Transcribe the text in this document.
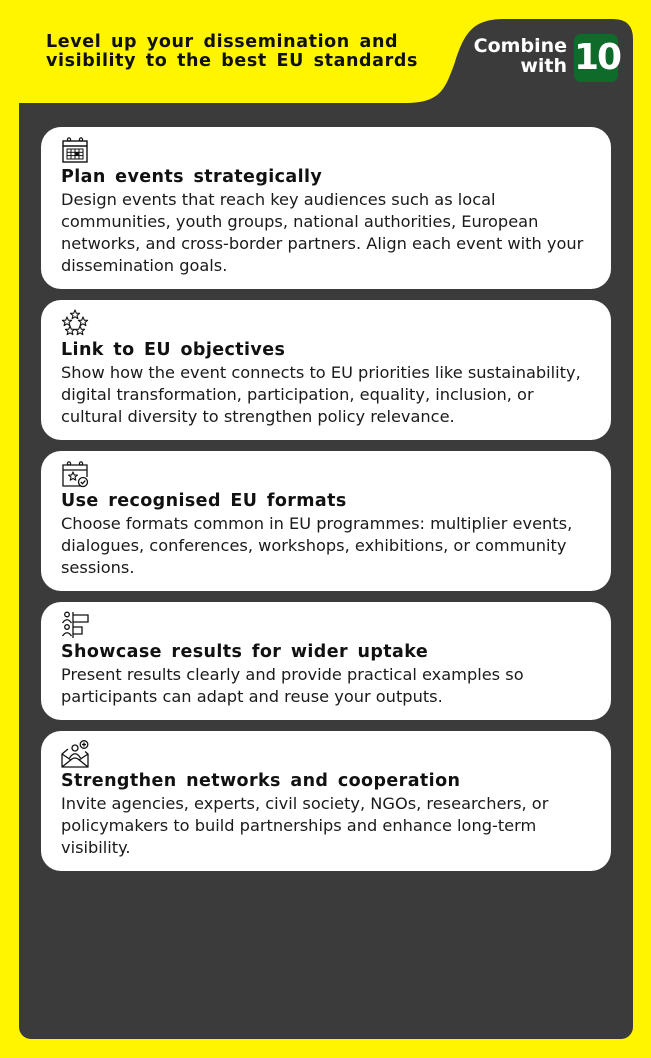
Level up your dissemination and visibility to the best EU standards
Combine with 10
Plan events strategically
Design events that reach key audiences such as local communities, youth groups, national authorities, European networks, and cross-border partners. Align each event with your dissemination goals.
Link to EU objectives
Show how the event connects to EU priorities like sustainability, digital transformation, participation, equality, inclusion, or cultural diversity to strengthen policy relevance.
Use recognised EU formats
Choose formats common in EU programmes: multiplier events, dialogues, conferences, workshops, exhibitions, or community sessions.
Showcase results for wider uptake
Present results clearly and provide practical examples so participants can adapt and reuse your outputs.
Strengthen networks and cooperation
Invite agencies, experts, civil society, NGOs, researchers, or policymakers to build partnerships and enhance long-term visibility.
